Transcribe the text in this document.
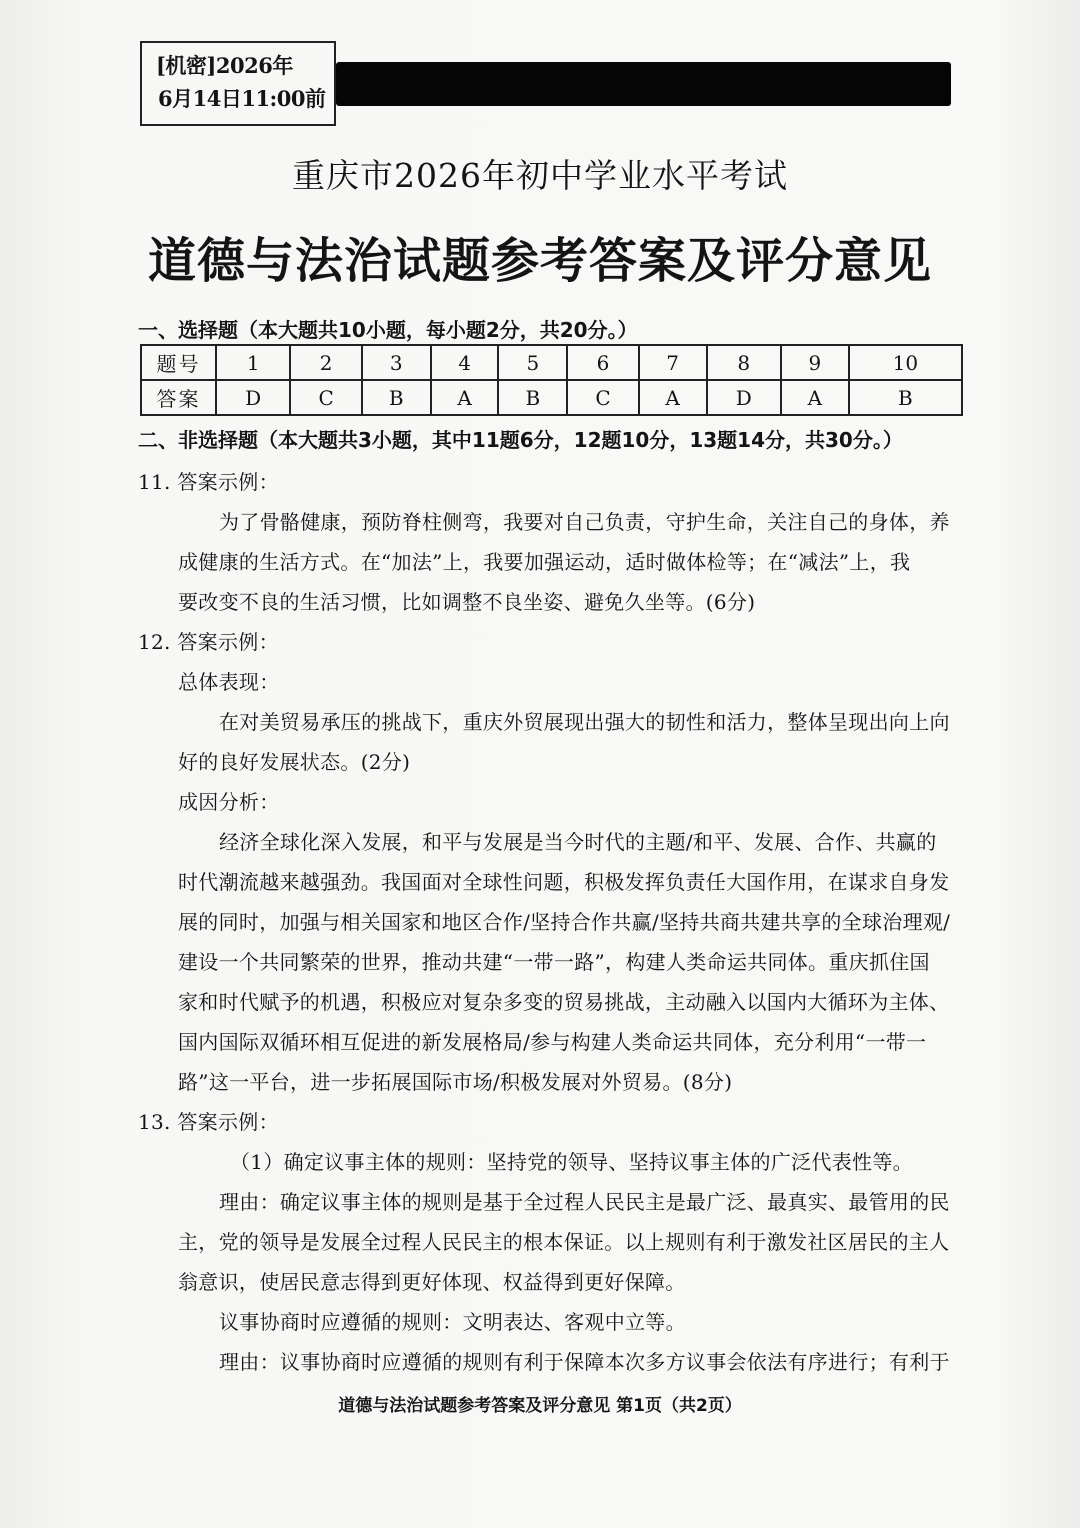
[机密]2026年
6月14日11:00前
重庆市2026年初中学业水平考试
道德与法治试题参考答案及评分意见
一、选择题（本大题共10小题，每小题2分，共20分。）
题号	1	2	3	4	5	6	7	8	9	10
答案	D	C	B	A	B	C	A	D	A	B
二、非选择题（本大题共3小题，其中11题6分，12题10分，13题14分，共30分。）
11. 答案示例：
为了骨骼健康，预防脊柱侧弯，我要对自己负责，守护生命，关注自己的身体，养
成健康的生活方式。在“加法”上，我要加强运动，适时做体检等；在“减法”上，我
要改变不良的生活习惯，比如调整不良坐姿、避免久坐等。(6分)
12. 答案示例：
总体表现：
在对美贸易承压的挑战下，重庆外贸展现出强大的韧性和活力，整体呈现出向上向
好的良好发展状态。(2分)
成因分析：
经济全球化深入发展，和平与发展是当今时代的主题/和平、发展、合作、共赢的
时代潮流越来越强劲。我国面对全球性问题，积极发挥负责任大国作用，在谋求自身发
展的同时，加强与相关国家和地区合作/坚持合作共赢/坚持共商共建共享的全球治理观/
建设一个共同繁荣的世界，推动共建“一带一路”，构建人类命运共同体。重庆抓住国
家和时代赋予的机遇，积极应对复杂多变的贸易挑战，主动融入以国内大循环为主体、
国内国际双循环相互促进的新发展格局/参与构建人类命运共同体，充分利用“一带一
路”这一平台，进一步拓展国际市场/积极发展对外贸易。(8分)
13. 答案示例：
（1）确定议事主体的规则：坚持党的领导、坚持议事主体的广泛代表性等。
理由：确定议事主体的规则是基于全过程人民民主是最广泛、最真实、最管用的民
主，党的领导是发展全过程人民民主的根本保证。以上规则有利于激发社区居民的主人
翁意识，使居民意志得到更好体现、权益得到更好保障。
议事协商时应遵循的规则：文明表达、客观中立等。
理由：议事协商时应遵循的规则有利于保障本次多方议事会依法有序进行；有利于
道德与法治试题参考答案及评分意见 第1页（共2页）
